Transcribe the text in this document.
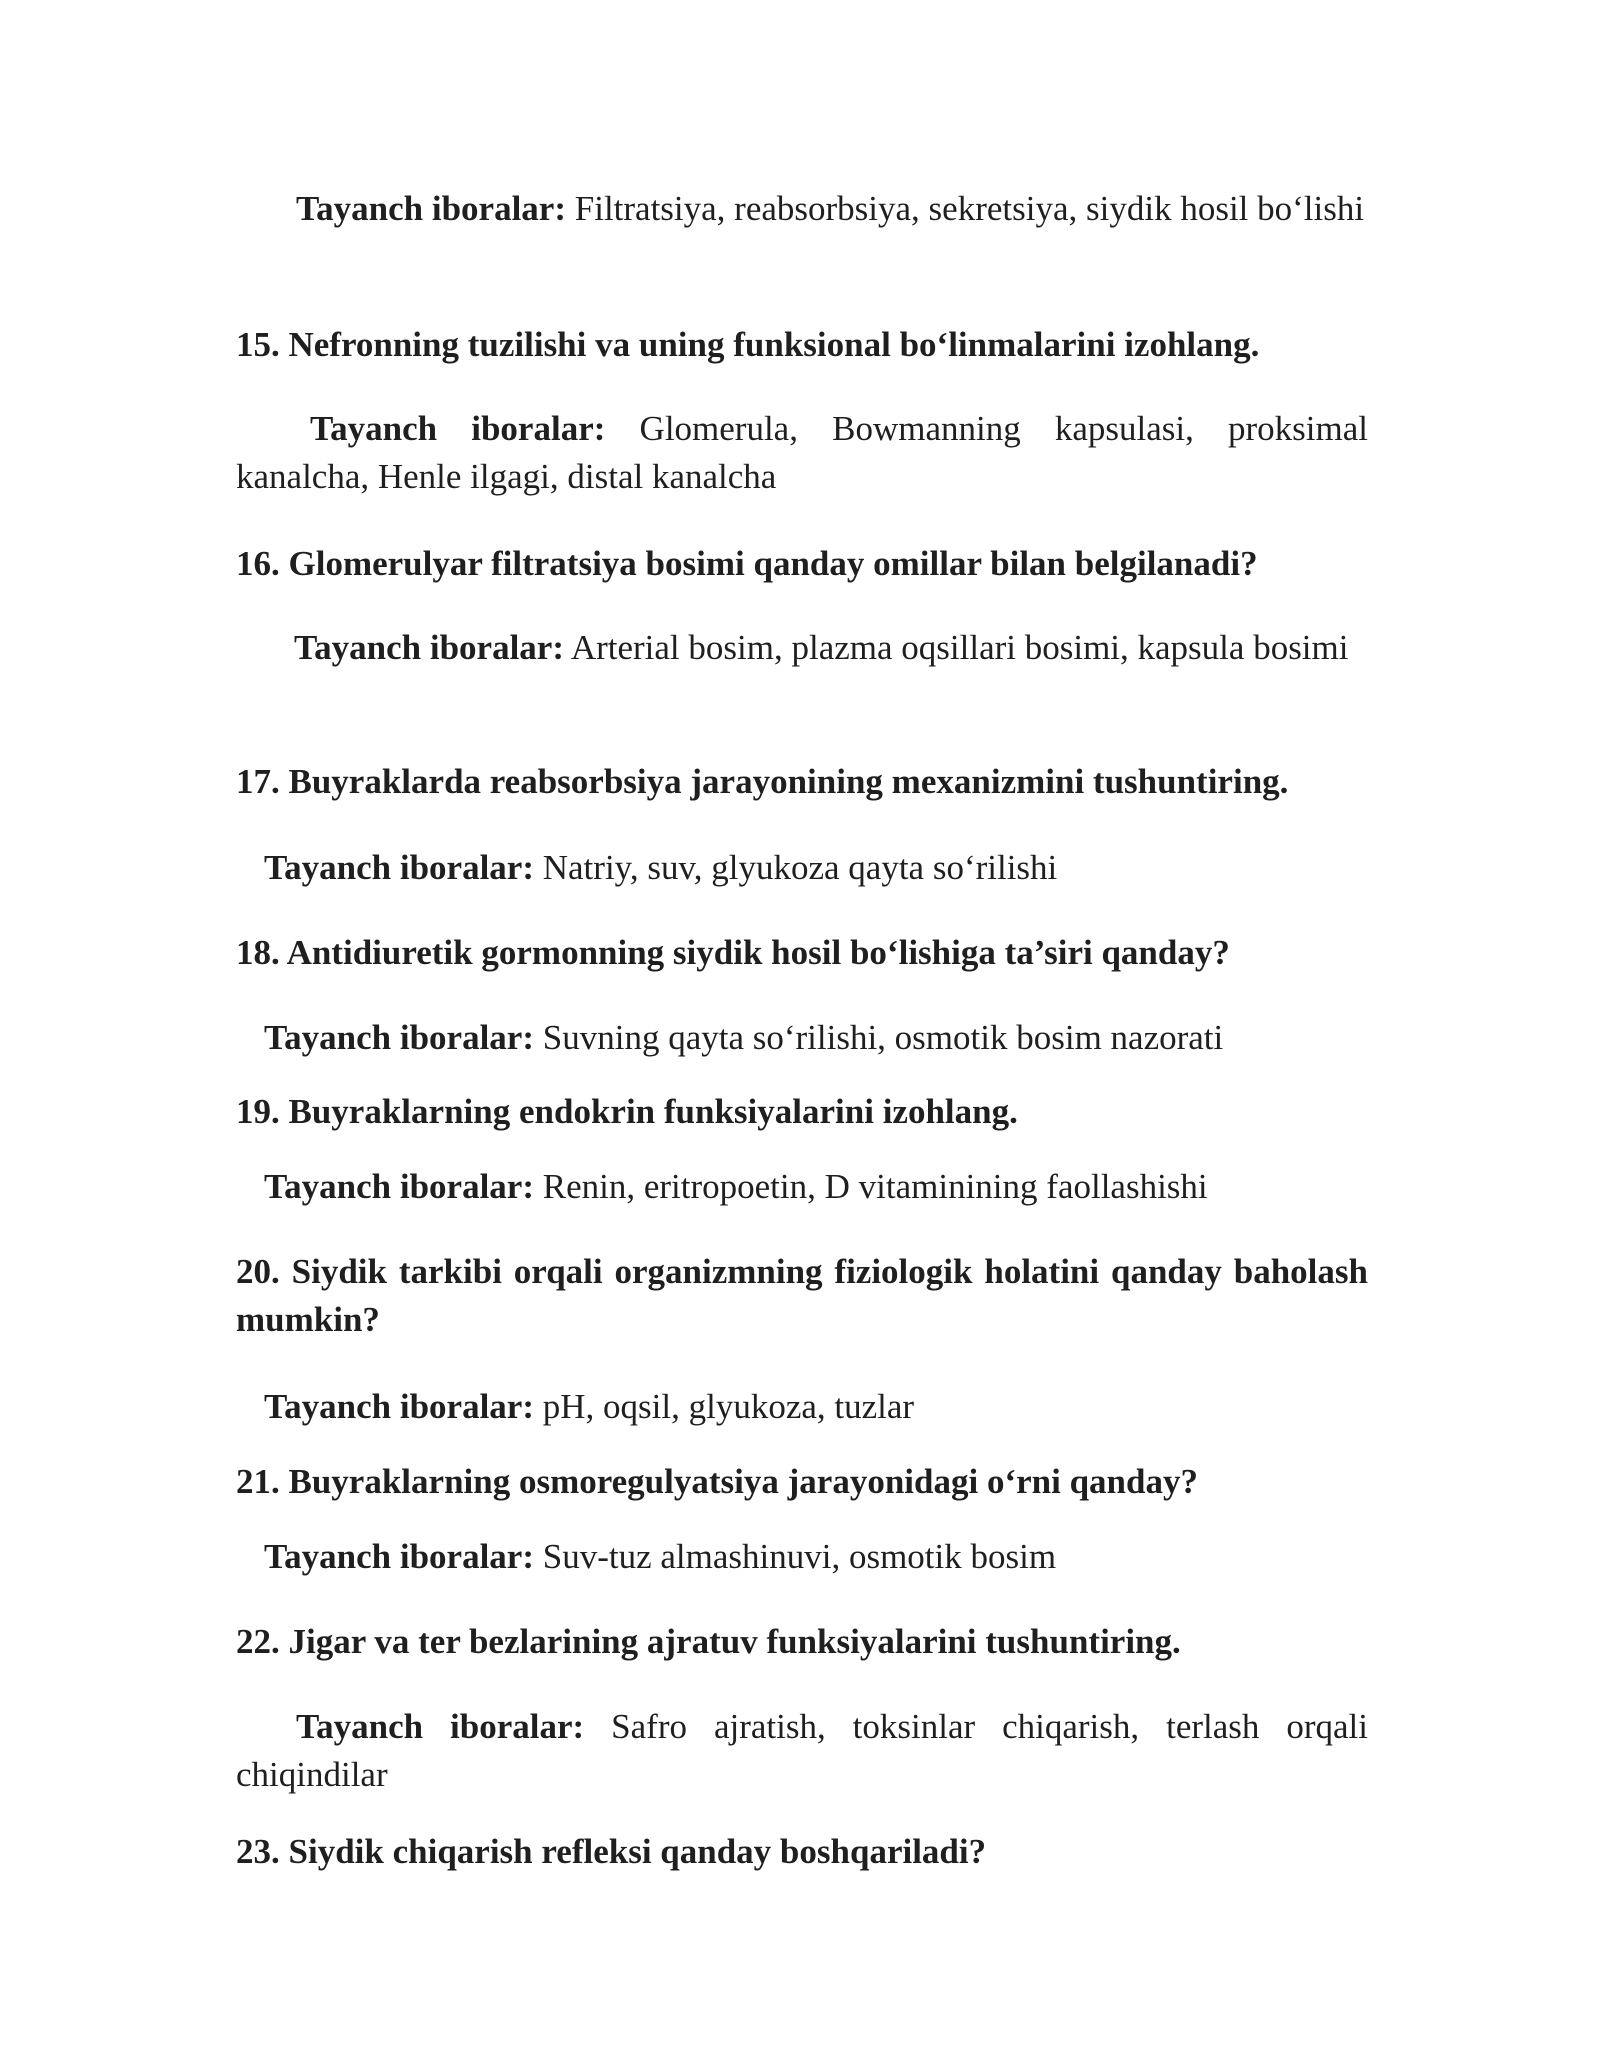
Tayanch iboralar: Filtratsiya, reabsorbsiya, sekretsiya, siydik hosil bo‘lishi

15. Nefronning tuzilishi va uning funksional bo‘linmalarini izohlang.

Tayanch iboralar: Glomerula, Bowmanning kapsulasi, proksimal kanalcha, Henle ilgagi, distal kanalcha

16. Glomerulyar filtratsiya bosimi qanday omillar bilan belgilanadi?

Tayanch iboralar: Arterial bosim, plazma oqsillari bosimi, kapsula bosimi

17. Buyraklarda reabsorbsiya jarayonining mexanizmini tushuntiring.

Tayanch iboralar: Natriy, suv, glyukoza qayta so‘rilishi

18. Antidiuretik gormonning siydik hosil bo‘lishiga ta’siri qanday?

Tayanch iboralar: Suvning qayta so‘rilishi, osmotik bosim nazorati

19. Buyraklarning endokrin funksiyalarini izohlang.

Tayanch iboralar: Renin, eritropoetin, D vitaminining faollashishi

20. Siydik tarkibi orqali organizmning fiziologik holatini qanday baholash mumkin?

Tayanch iboralar: pH, oqsil, glyukoza, tuzlar

21. Buyraklarning osmoregulyatsiya jarayonidagi o‘rni qanday?

Tayanch iboralar: Suv-tuz almashinuvi, osmotik bosim

22. Jigar va ter bezlarining ajratuv funksiyalarini tushuntiring.

Tayanch iboralar: Safro ajratish, toksinlar chiqarish, terlash orqali chiqindilar

23. Siydik chiqarish refleksi qanday boshqariladi?
